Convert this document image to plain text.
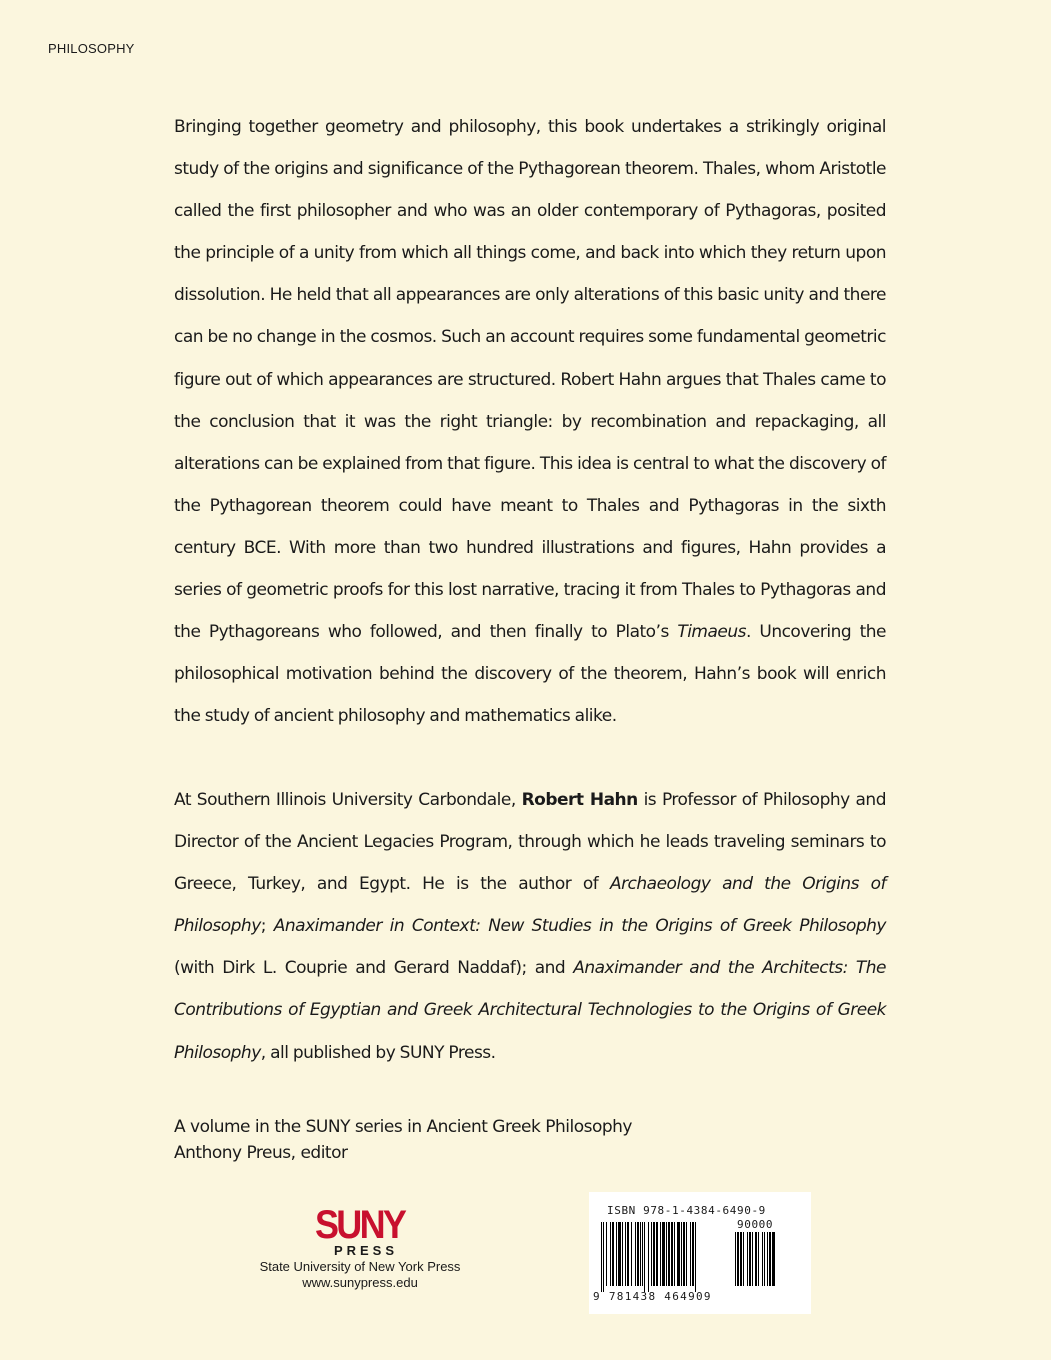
PHILOSOPHY

Bringing together geometry and philosophy, this book undertakes a strikingly original study of the origins and significance of the Pythagorean theorem. Thales, whom Aristotle called the first philosopher and who was an older contemporary of Pythagoras, posited the principle of a unity from which all things come, and back into which they return upon dissolution. He held that all appearances are only alterations of this basic unity and there can be no change in the cosmos. Such an account requires some fundamental geometric figure out of which appearances are structured. Robert Hahn argues that Thales came to the conclusion that it was the right triangle: by recombination and repackaging, all alterations can be explained from that figure. This idea is central to what the discovery of the Pythagorean theorem could have meant to Thales and Pythagoras in the sixth century BCE. With more than two hundred illustrations and figures, Hahn provides a series of geometric proofs for this lost narrative, tracing it from Thales to Pythagoras and the Pythagoreans who followed, and then finally to Plato’s Timaeus. Uncovering the philosophical motivation behind the discovery of the theorem, Hahn’s book will enrich the study of ancient philosophy and mathematics alike.

At Southern Illinois University Carbondale, Robert Hahn is Professor of Philosophy and Director of the Ancient Legacies Program, through which he leads traveling seminars to Greece, Turkey, and Egypt. He is the author of Archaeology and the Origins of Philosophy; Anaximander in Context: New Studies in the Origins of Greek Philosophy (with Dirk L. Couprie and Gerard Naddaf); and Anaximander and the Architects: The Contributions of Egyptian and Greek Architectural Technologies to the Origins of Greek Philosophy, all published by SUNY Press.

A volume in the SUNY series in Ancient Greek Philosophy
Anthony Preus, editor
SUNY
PRESS
State University of New York Press
www.sunypress.edu
ISBN 978-1-4384-6490-9
90000
9 781438 464909
